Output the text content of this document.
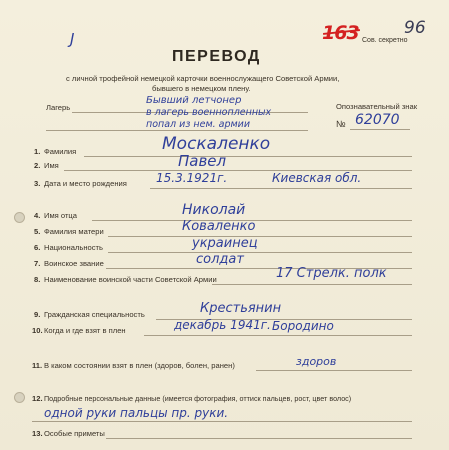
J	163	96
Сов. секретно
ПЕРЕВОД
с личной трофейной немецкой карточки военнослужащего Советской Армии,
бывшего в немецком плену.
Лагерь
Бывший летчонер
в лагерь военнопленных
попал из нем. армии
Опознавательный знак
№ 62070
1. Фамилия	Москаленко
2. Имя	Павел
3. Дата и место рождения 15.3.1921г.	Киевская обл.
4. Имя отца	Николай
5. Фамилия матери	Коваленко
6. Национальность	украинец
7. Воинское звание	солдат
8. Наименование воинской части Советской Армии	17 Стрелк. полк
9. Гражданская специальность	Крестьянин
10. Когда и где взят в плен	декабрь 1941г. Бородино
11. В каком состоянии взят в плен (здоров, болен, ранен)	здоров
12. Подробные персональные данные (имеется фотография, оттиск пальцев, рост, цвет волос)
одной руки пальцы пр. руки.
13. Особые приметы
